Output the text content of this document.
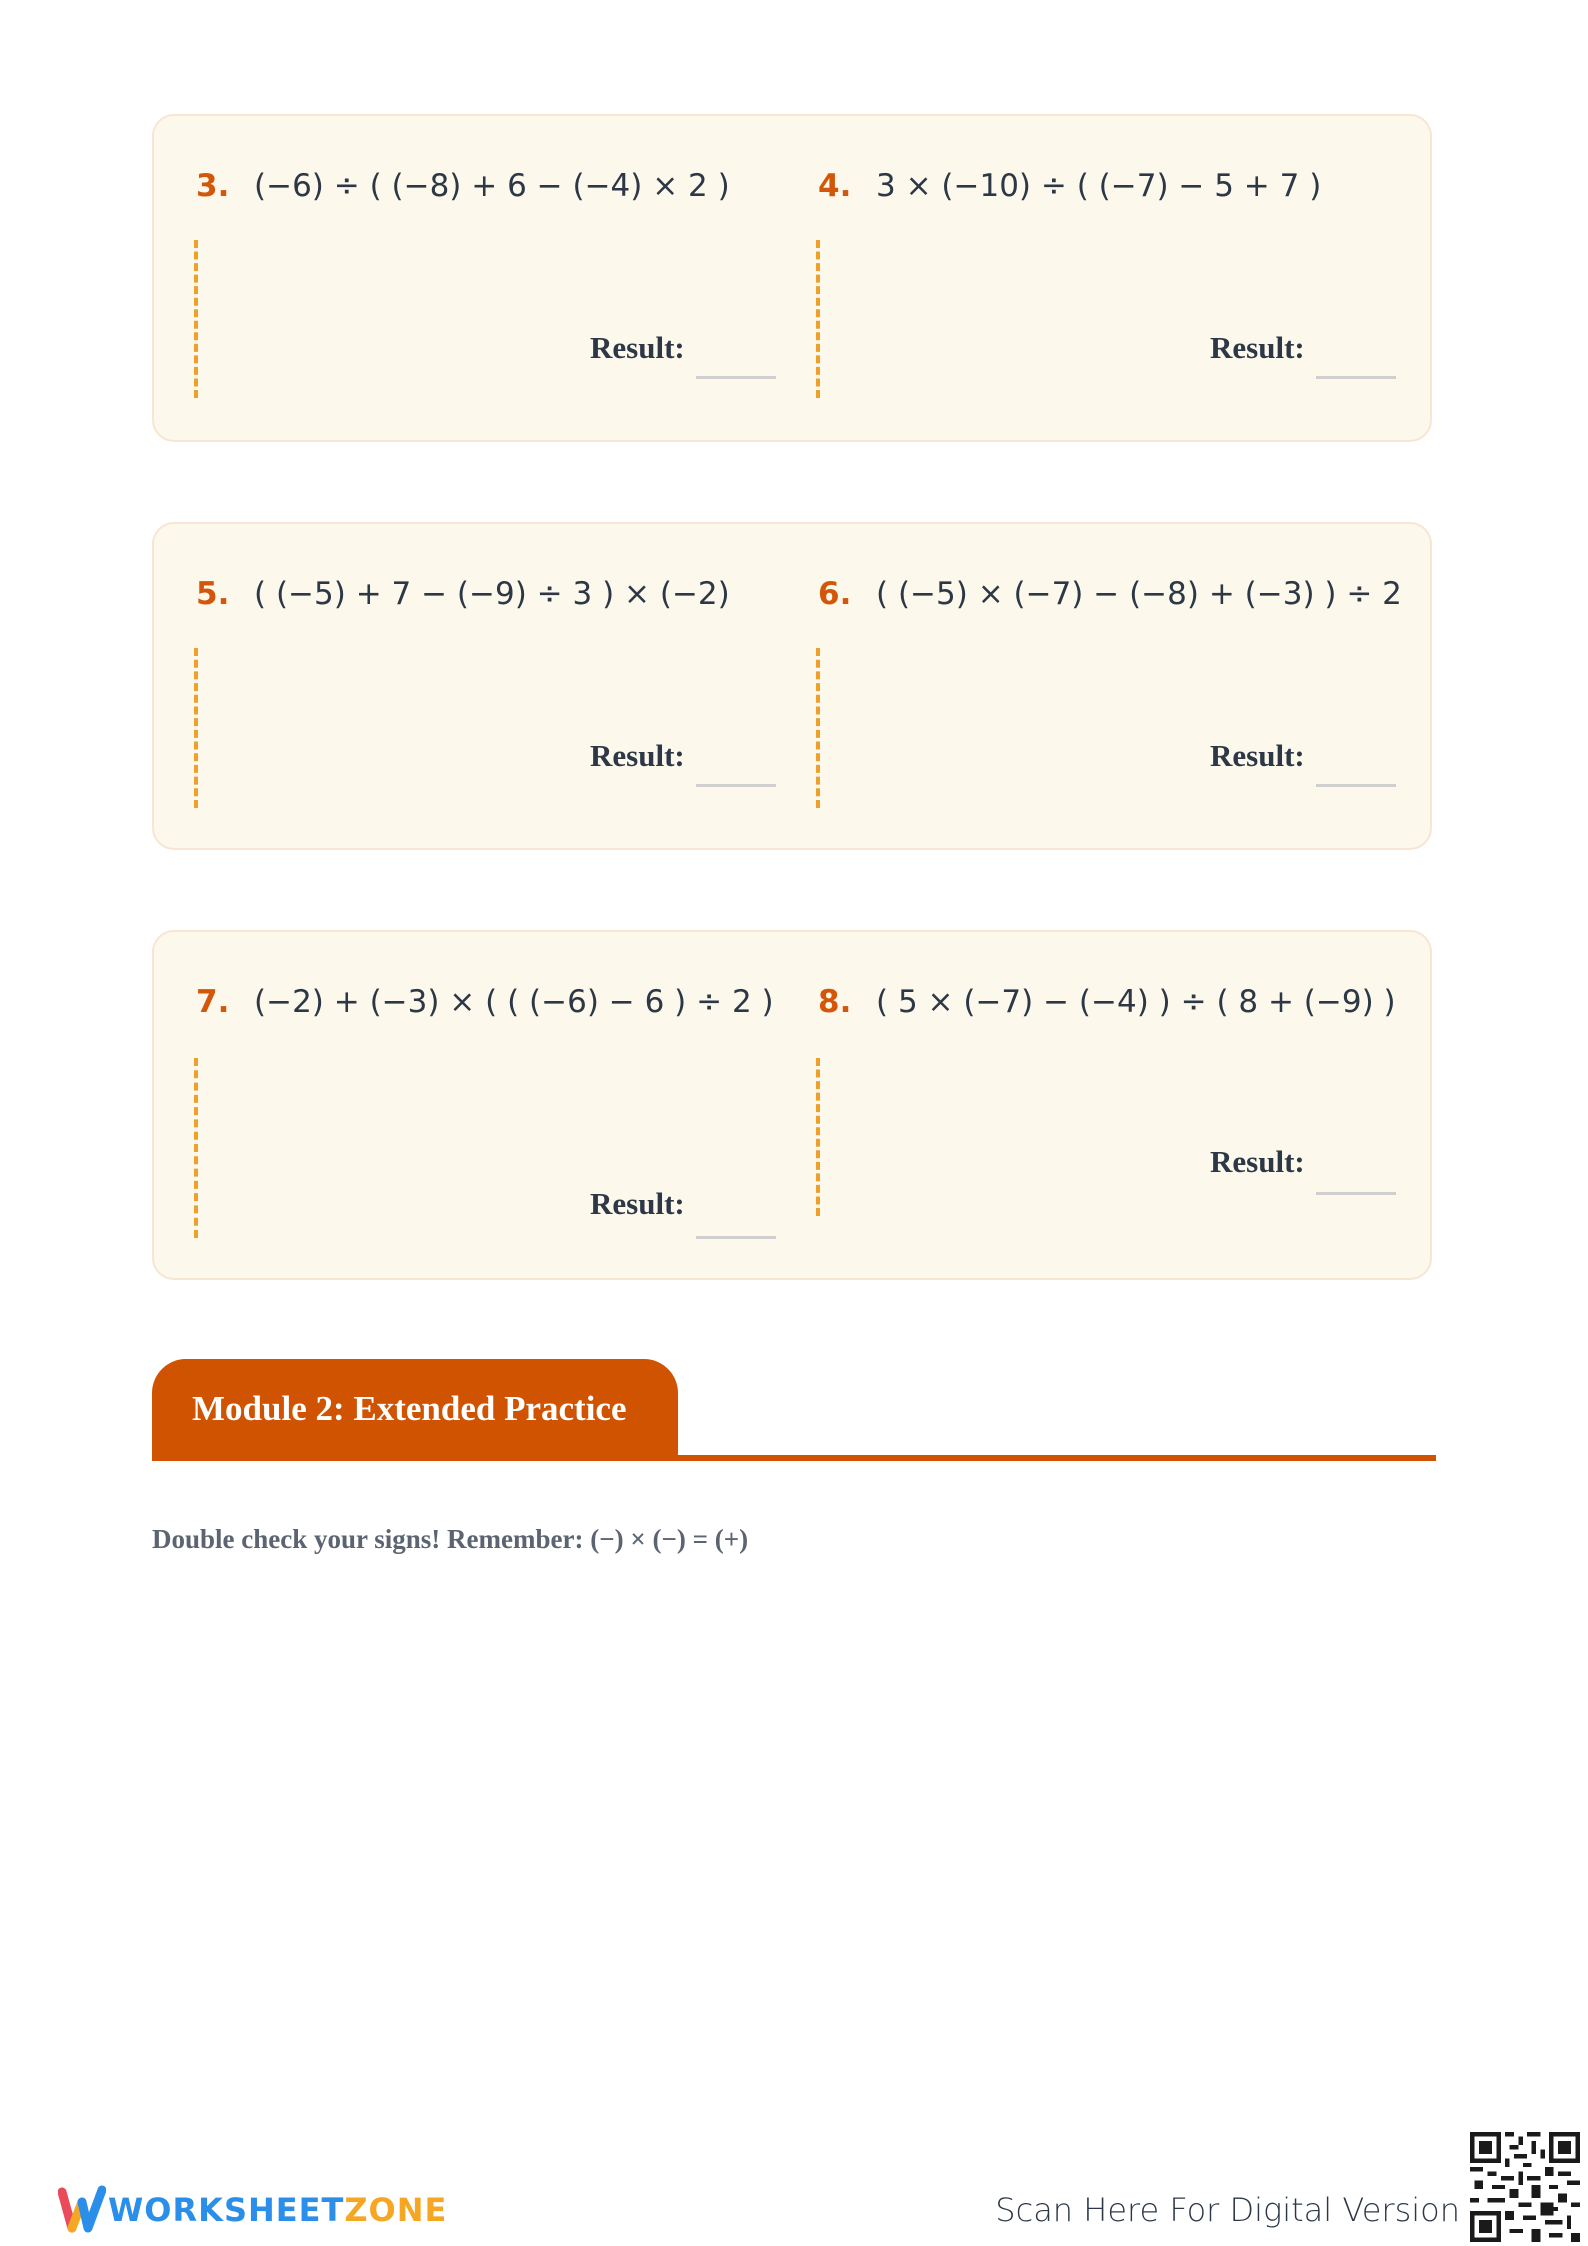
3. (−6) ÷ ( (−8) + 6 − (−4) × 2 )
Result:
4. 3 × (−10) ÷ ( (−7) − 5 + 7 )
Result:
5. ( (−5) + 7 − (−9) ÷ 3 ) × (−2)
Result:
6. ( (−5) × (−7) − (−8) + (−3) ) ÷ 2
Result:
7. (−2) + (−3) × ( ( (−6) − 6 ) ÷ 2 )
Result:
8. ( 5 × (−7) − (−4) ) ÷ ( 8 + (−9) )
Result:
Module 2: Extended Practice
Double check your signs! Remember: (−) × (−) = (+)
WORKSHEETZONE	Scan Here For Digital Version
